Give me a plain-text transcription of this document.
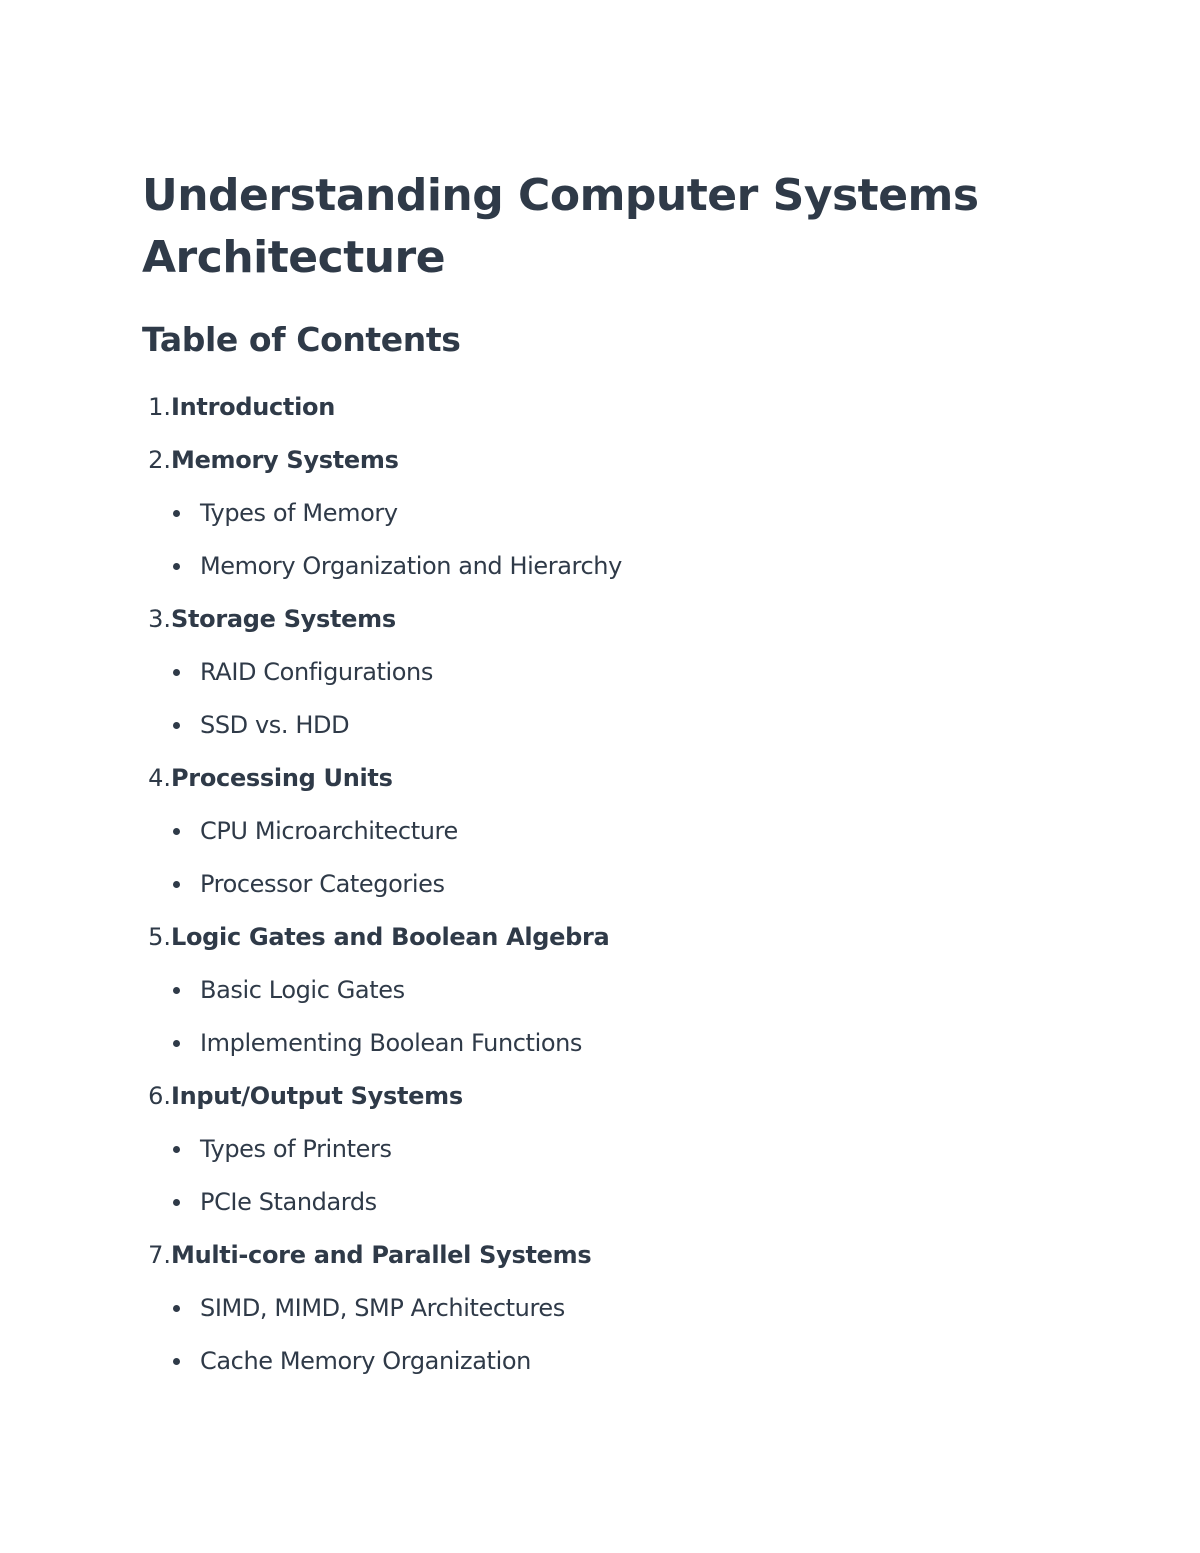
Understanding Computer Systems Architecture
Table of Contents
1. Introduction
2. Memory Systems
Types of Memory
Memory Organization and Hierarchy
3. Storage Systems
RAID Configurations
SSD vs. HDD
4. Processing Units
CPU Microarchitecture
Processor Categories
5. Logic Gates and Boolean Algebra
Basic Logic Gates
Implementing Boolean Functions
6. Input/Output Systems
Types of Printers
PCIe Standards
7. Multi-core and Parallel Systems
SIMD, MIMD, SMP Architectures
Cache Memory Organization
